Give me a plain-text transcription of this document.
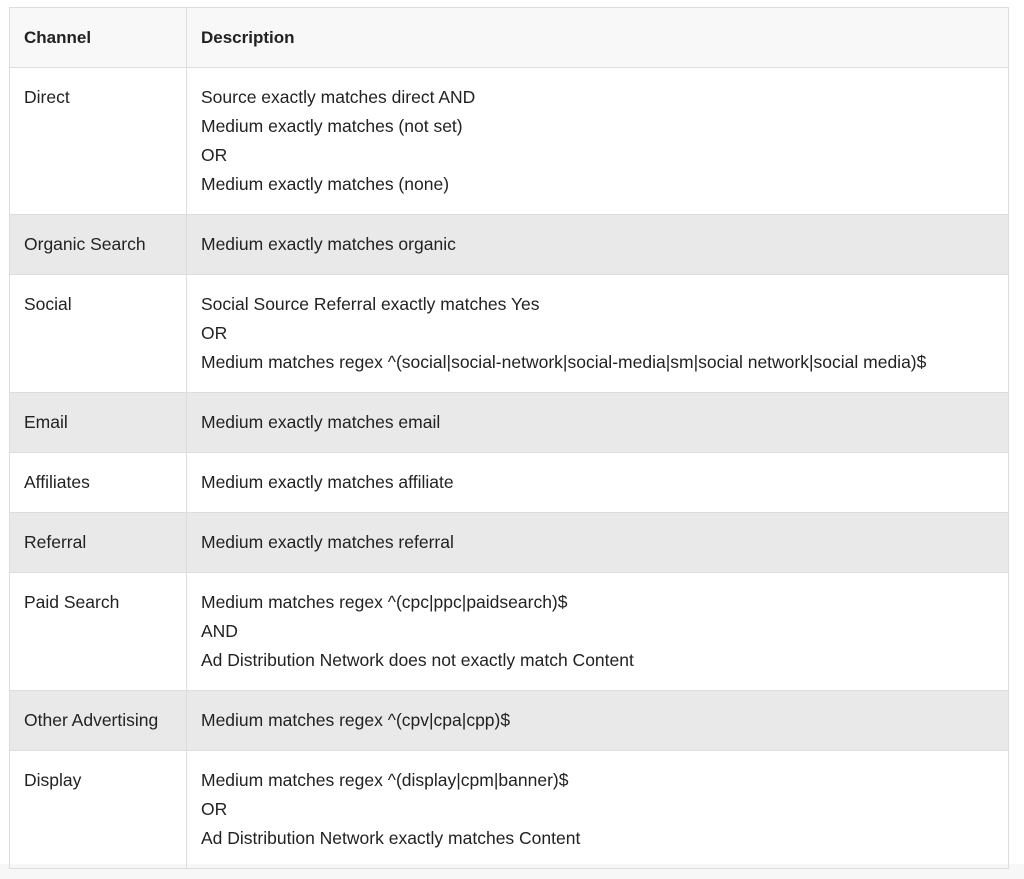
Channel	Description

Direct	Source exactly matches direct AND
Medium exactly matches (not set)
OR
Medium exactly matches (none)

Organic Search	Medium exactly matches organic

Social	Social Source Referral exactly matches Yes
OR
Medium matches regex ^(social|social-network|social-media|sm|social network|social media)$

Email	Medium exactly matches email

Affiliates	Medium exactly matches affiliate

Referral	Medium exactly matches referral

Paid Search	Medium matches regex ^(cpc|ppc|paidsearch)$
AND
Ad Distribution Network does not exactly match Content

Other Advertising	Medium matches regex ^(cpv|cpa|cpp)$

Display	Medium matches regex ^(display|cpm|banner)$
OR
Ad Distribution Network exactly matches Content
